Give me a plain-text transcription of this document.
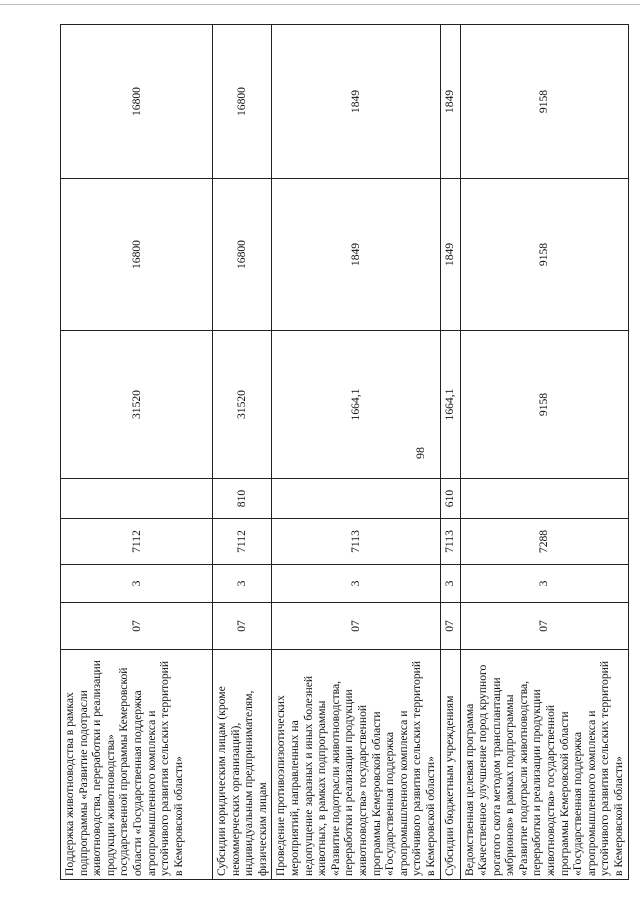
98
Поддержка животноводства в рамках подпрограммы «Развитие подотрасли животноводства, переработки и реализации продукции животноводства» государственной программы Кемеровской области «Государственная поддержка агропромышленного комплекса и устойчивого развития сельских территорий в Кемеровской области»	07	3	7112		31520	16800	16800
Субсидии юридическим лицам (кроме некоммерческих организаций), индивидуальным предпринимателям, физическим лицам	07	3	7112	810	31520	16800	16800
Проведение противоэпизоотических мероприятий, направленных на недопущение заразных и иных болезней животных, в рамках подпрограммы «Развитие подотрасли животноводства, переработки и реализации продукции животноводства» государственной программы Кемеровской области «Государственная поддержка агропромышленного комплекса и устойчивого развития сельских территорий в Кемеровской области»	07	3	7113		1664,1	1849	1849
Субсидии бюджетным учреждениям	07	3	7113	610	1664,1	1849	1849
Ведомственная целевая программа «Качественное улучшение пород крупного рогатого скота методом трансплантации эмбрионов» в рамках подпрограммы «Развитие подотрасли животноводства, переработки и реализации продукции животноводства» государственной программы Кемеровской области «Государственная поддержка агропромышленного комплекса и устойчивого развития сельских территорий в Кемеровской области»	07	3	7288		9158	9158	9158
